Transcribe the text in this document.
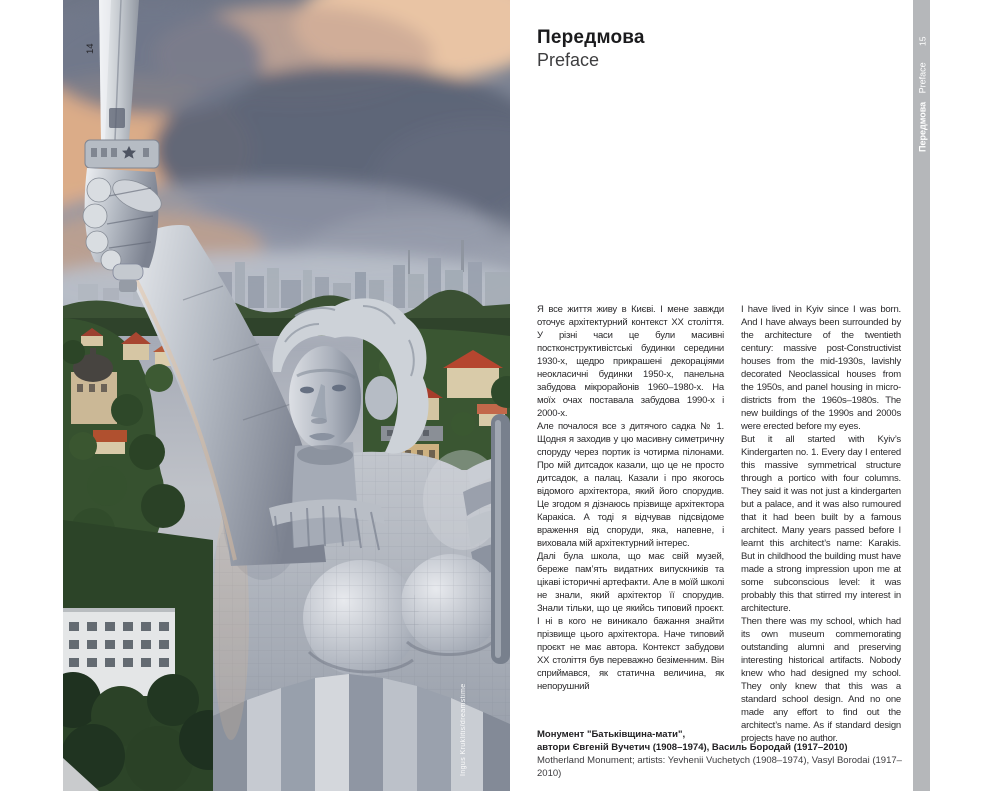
Ingus Kruklitis/dreamstime
14
Передмова
Preface

Я все життя живу в Києві. І мене завжди оточує архітектурний контекст ХХ століття. У різні часи це були масивні постконструктивістські будинки середини 1930-х, щедро прикрашені декораціями неокласичні будинки 1950-х, панельна забудова мікрорайонів 1960–1980-х. На моїх очах поставала забудова 1990-х і 2000-х.

Але почалося все з дитячого садка № 1. Щодня я заходив у цю масивну симетричну споруду через портик із чотирма пілонами. Про мій дитсадок казали, що це не просто дитсадок, а палац. Казали і про якогось відомого архітектора, який його спорудив. Це згодом я дізнаюсь прізвище архітектора Каракіса. А тоді я відчував підсвідоме враження від споруди, яка, напевне, і виховала мій архітектурний інтерес.

Далі була школа, що має свій музей, береже пам’ять видатних випускників та цікаві історичні артефакти. Але в моїй школі не знали, який архітектор її спорудив. Знали тільки, що це якийсь типовий проєкт. І ні в кого не виникало бажання знайти прізвище цього архітектора. Наче типовий проєкт не має автора. Контекст забудови ХХ століття був переважно безіменним. Він сприймався, як статична величина, як непорушний

I have lived in Kyiv since I was born. And I have always been surrounded by the architecture of the twentieth century: massive post-Constructivist houses from the mid-1930s, lavishly decorated Neoclassical houses from the 1950s, and panel housing in micro-districts from the 1960s–1980s. The new buildings of the 1990s and 2000s were erected before my eyes.

But it all started with Kyiv’s Kindergarten no. 1. Every day I entered this massive symmetrical structure through a portico with four columns. They said it was not just a kindergarten but a palace, and it was also rumoured that it had been built by a famous architect. Many years passed before I learnt this architect’s name: Karakis. But in childhood the building must have made a strong impression upon me at some subconscious level: it was probably this that stirred my interest in architecture.

Then there was my school, which had its own museum commemorating outstanding alumni and preserving interesting historical artifacts. Nobody knew who had designed my school. They only knew that this was a standard school design. And no one made any effort to find out the architect’s name. As if standard design projects have no author.

Монумент "Батьківщина-мати",
автори Євгеній Вучетич (1908–1974), Василь Бородай (1917–2010)
Motherland Monument; artists: Yevhenii Vuchetych (1908–1974), Vasyl Borodai (1917–2010)
15
Передмова Preface
